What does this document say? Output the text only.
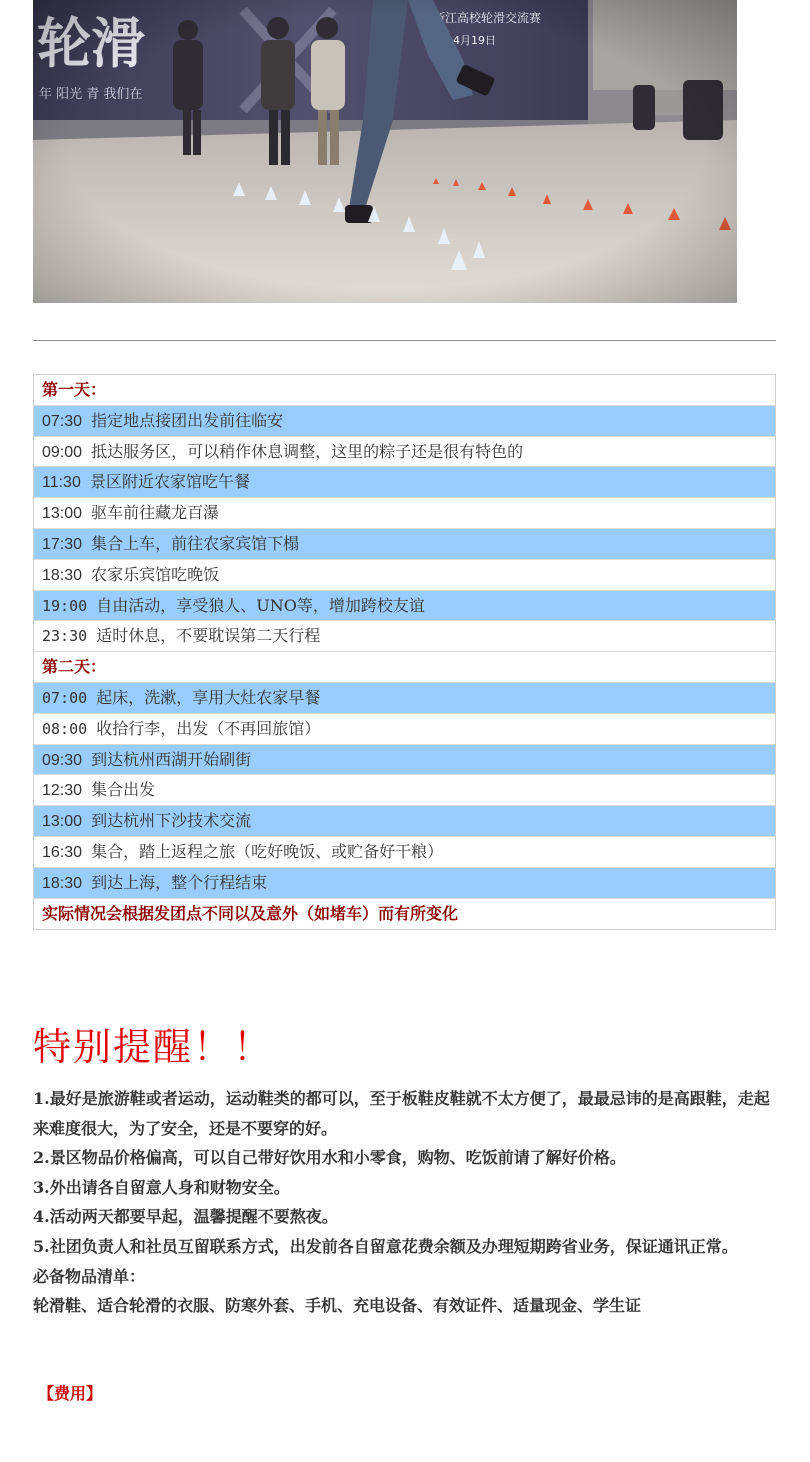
第一天：
07:30 指定地点接团出发前往临安
09:00 抵达服务区，可以稍作休息调整，这里的粽子还是很有特色的
11:30 景区附近农家馆吃午餐
13:00 驱车前往藏龙百瀑
17:30 集合上车，前往农家宾馆下榻
18:30 农家乐宾馆吃晚饭
19:00 自由活动，享受狼人、UNO等，增加跨校友谊
23:30 适时休息，不要耽误第二天行程
第二天：
07:00 起床，洗漱，享用大灶农家早餐
08:00 收拾行李，出发（不再回旅馆）
09:30 到达杭州西湖开始刷街
12:30 集合出发
13:00 到达杭州下沙技术交流
16:30 集合，踏上返程之旅（吃好晚饭、或贮备好干粮）
18:30 到达上海，整个行程结束
实际情况会根据发团点不同以及意外（如堵车）而有所变化
特别提醒！！

1.最好是旅游鞋或者运动，运动鞋类的都可以，至于板鞋皮鞋就不太方便了，最最忌讳的是高跟鞋，走起来难度很大，为了安全，还是不要穿的好。

2.景区物品价格偏高，可以自己带好饮用水和小零食，购物、吃饭前请了解好价格。

3.外出请各自留意人身和财物安全。

4.活动两天都要早起，温馨提醒不要熬夜。

5.社团负责人和社员互留联系方式，出发前各自留意花费余额及办理短期跨省业务，保证通讯正常。

必备物品清单：

轮滑鞋、适合轮滑的衣服、防寒外套、手机、充电设备、有效证件、适量现金、学生证

【费用】
